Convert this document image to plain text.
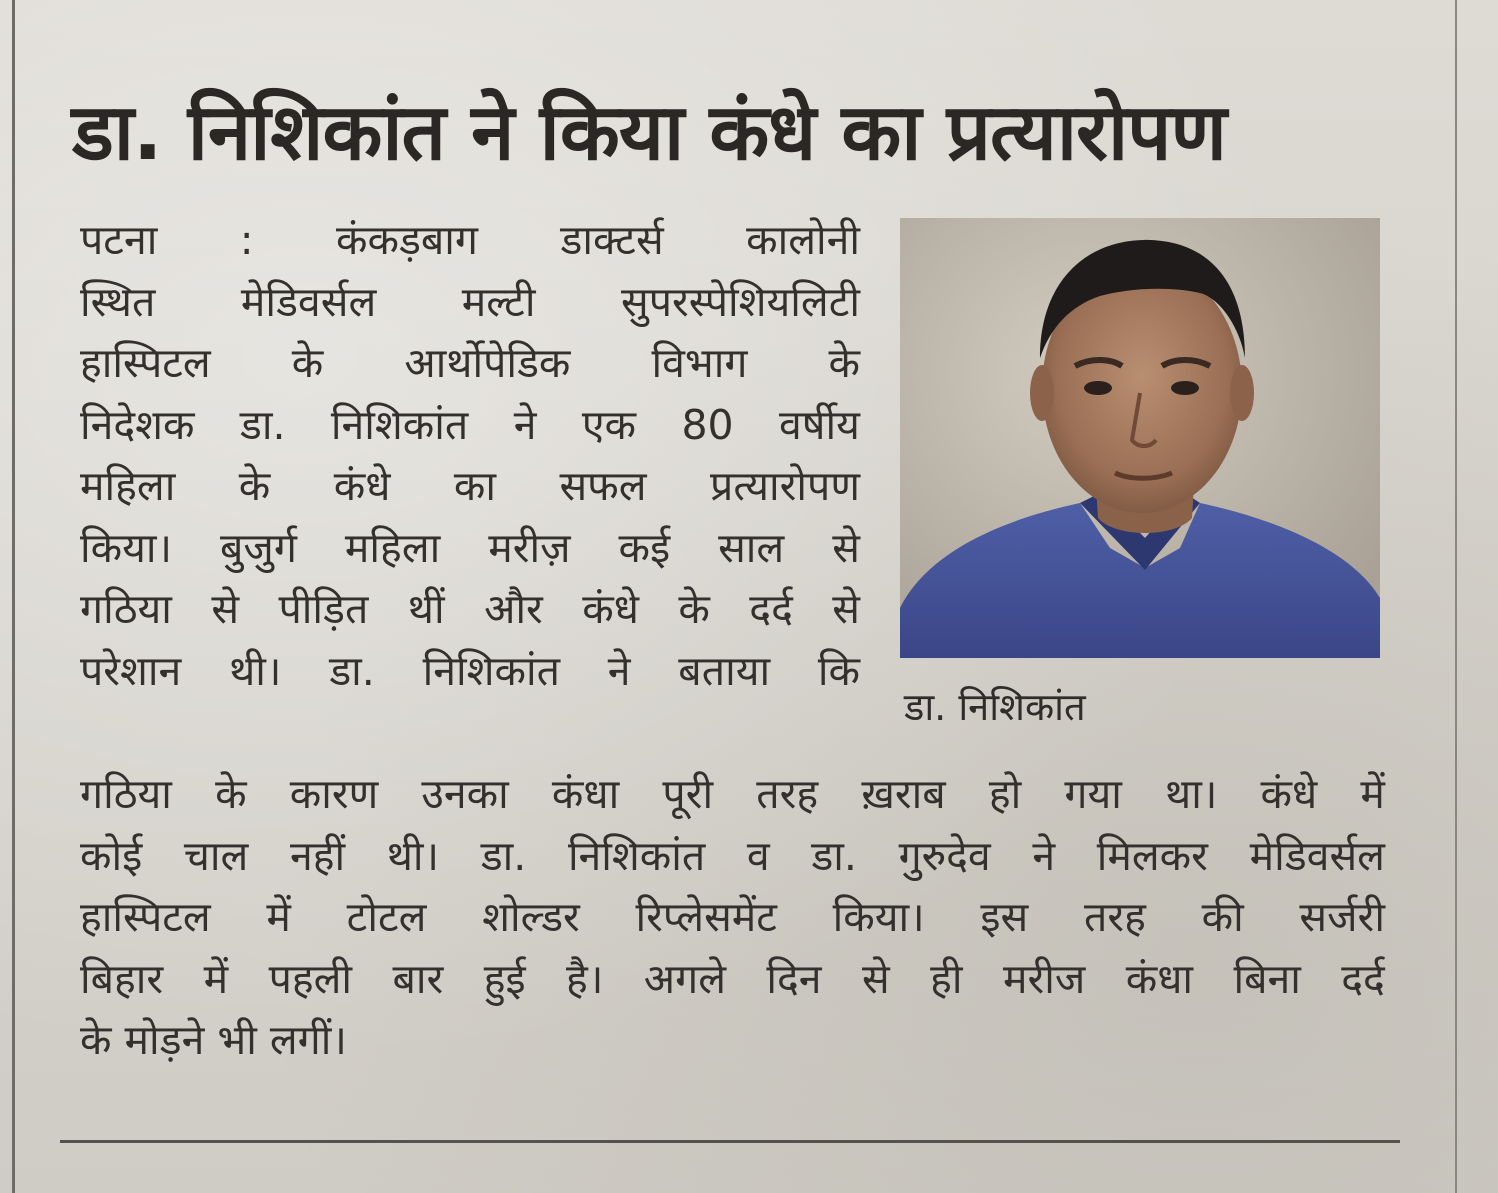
डा. निशिकांत ने किया कंधे का प्रत्यारोपण
पटना : कंकड़बाग डाक्टर्स कालोनी
स्थित मेडिवर्सल मल्टी सुपरस्पेशियलिटी
हास्पिटल के आर्थोपेडिक विभाग के
निदेशक डा. निशिकांत ने एक 80 वर्षीय
महिला के कंधे का सफल प्रत्यारोपण
किया। बुजुर्ग महिला मरीज़ कई साल से
गठिया से पीड़ित थीं और कंधे के दर्द से
परेशान थी। डा. निशिकांत ने बताया कि
डा. निशिकांत
गठिया के कारण उनका कंधा पूरी तरह ख़राब हो गया था। कंधे में
कोई चाल नहीं थी। डा. निशिकांत व डा. गुरुदेव ने मिलकर मेडिवर्सल
हास्पिटल में टोटल शोल्डर रिप्लेसमेंट किया। इस तरह की सर्जरी
बिहार में पहली बार हुई है। अगले दिन से ही मरीज कंधा बिना दर्द
के मोड़ने भी लगीं।
